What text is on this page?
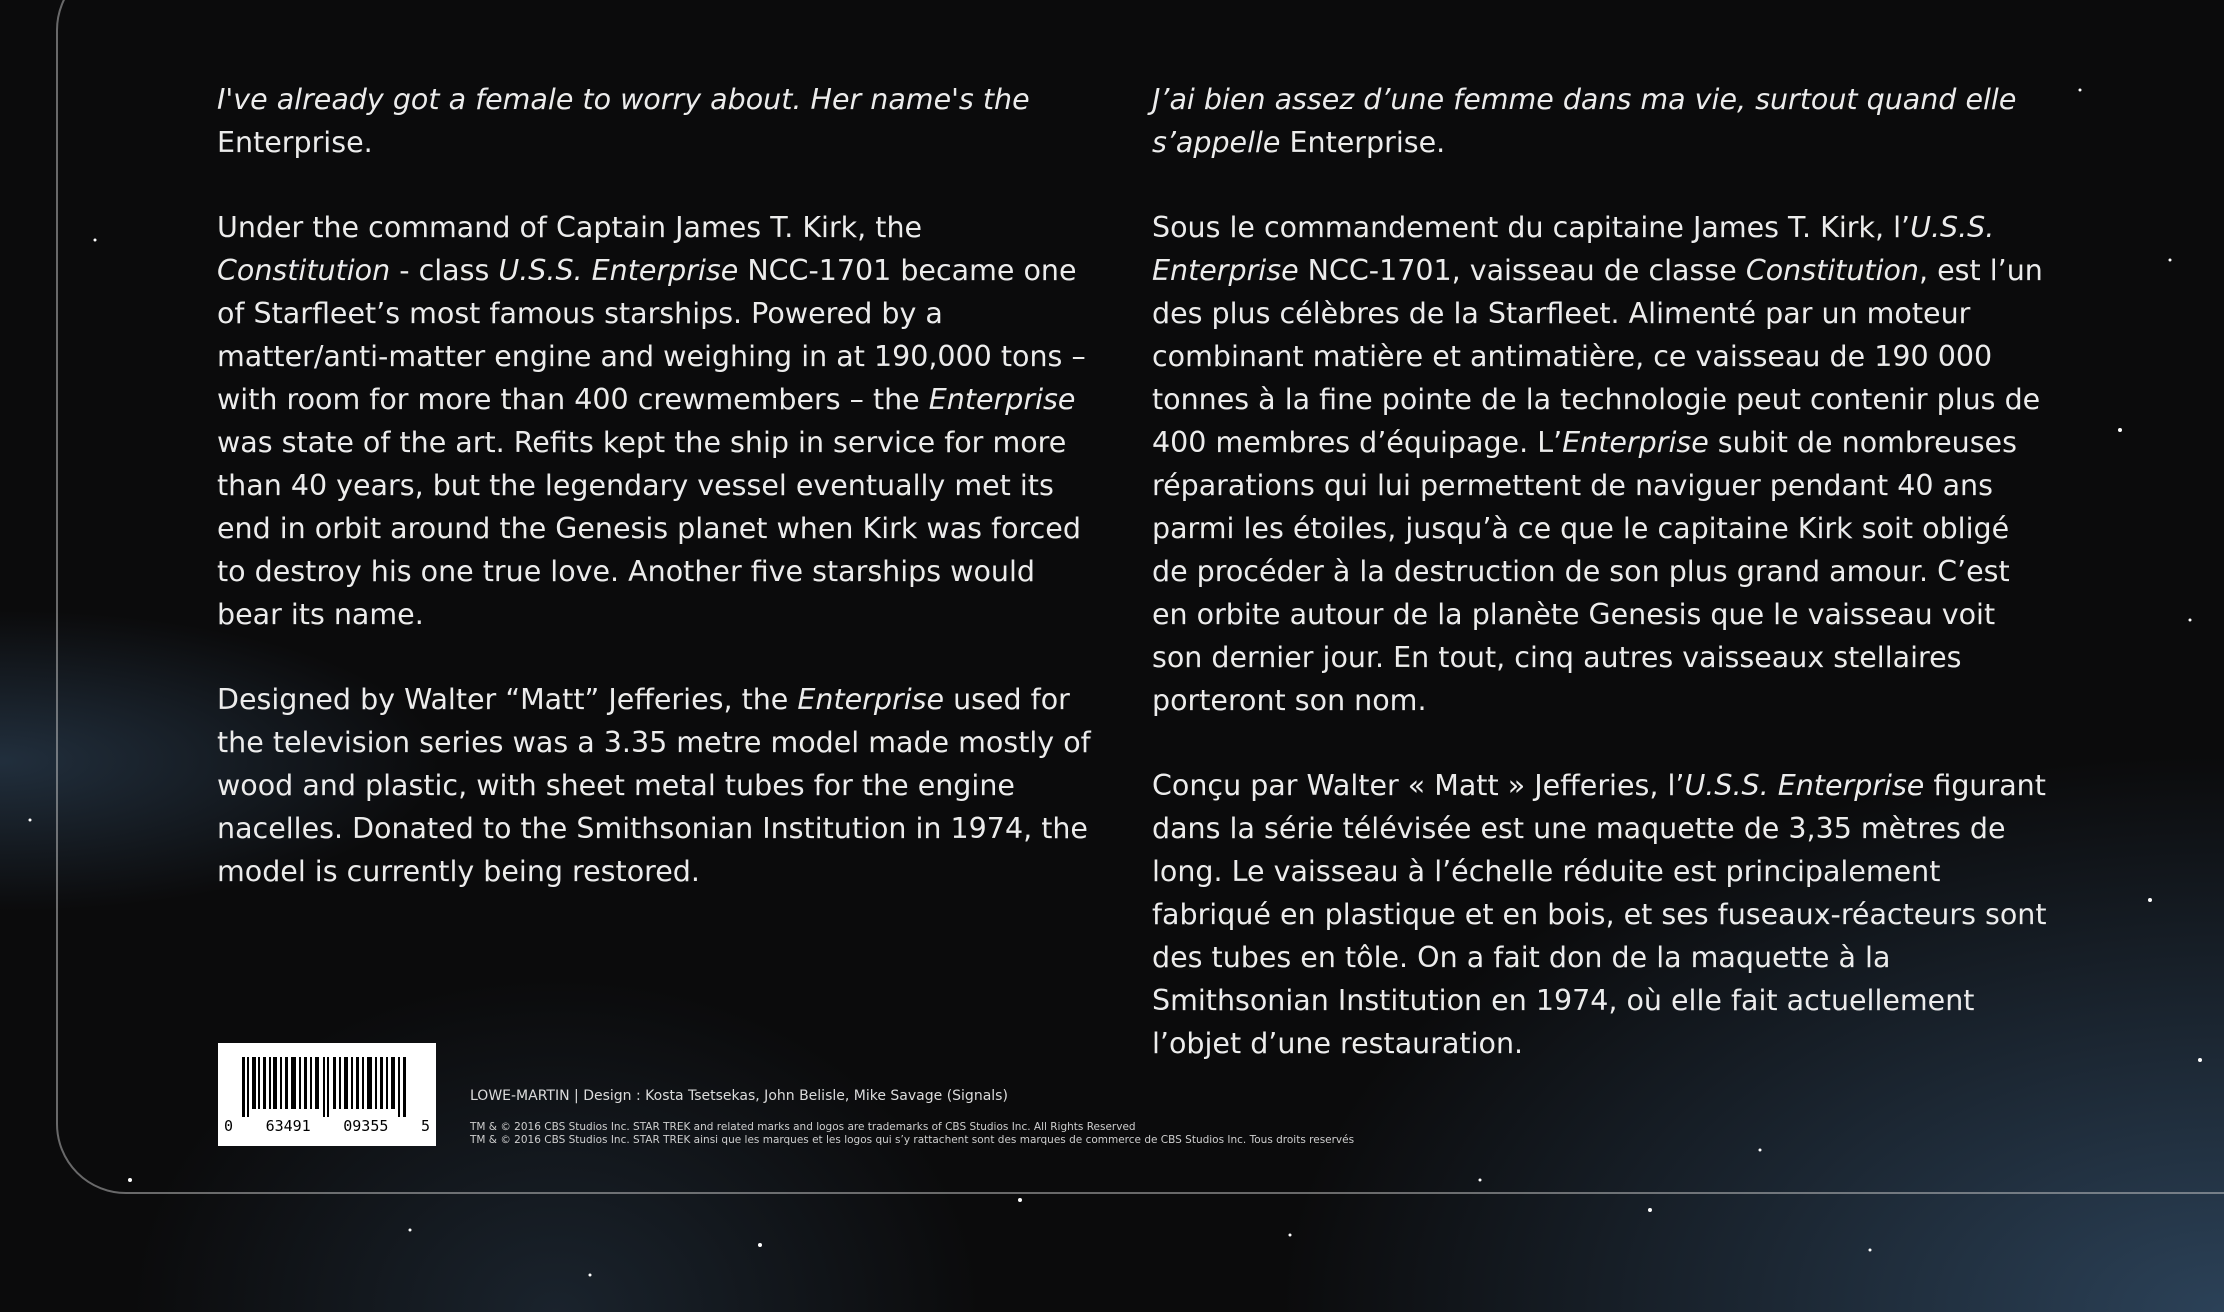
I've already got a female to worry about. Her name's the
Enterprise.

Under the command of Captain James T. Kirk, the Constitution - class U.S.S. Enterprise NCC-1701 became one of Starfleet’s most famous starships. Powered by a matter/anti-matter engine and weighing in at 190,000 tons – with room for more than 400 crewmembers – the Enterprise was state of the art. Refits kept the ship in service for more than 40 years, but the legendary vessel eventually met its end in orbit around the Genesis planet when Kirk was forced to destroy his one true love. Another five starships would bear its name.

Designed by Walter “Matt” Jefferies, the Enterprise used for the television series was a 3.35 metre model made mostly of wood and plastic, with sheet metal tubes for the engine nacelles. Donated to the Smithsonian Institution in 1974, the model is currently being restored.

J’ai bien assez d’une femme dans ma vie, surtout quand elle s’appelle Enterprise.

Sous le commandement du capitaine James T. Kirk, l’U.S.S. Enterprise NCC-1701, vaisseau de classe Constitution, est l’un des plus célèbres de la Starfleet. Alimenté par un moteur combinant matière et antimatière, ce vaisseau de 190 000 tonnes à la fine pointe de la technologie peut contenir plus de 400 membres d’équipage. L’Enterprise subit de nombreuses réparations qui lui permettent de naviguer pendant 40 ans parmi les étoiles, jusqu’à ce que le capitaine Kirk soit obligé de procéder à la destruction de son plus grand amour. C’est en orbite autour de la planète Genesis que le vaisseau voit son dernier jour. En tout, cinq autres vaisseaux stellaires porteront son nom.

Conçu par Walter « Matt » Jefferies, l’U.S.S. Enterprise figurant dans la série télévisée est une maquette de 3,35 mètres de long. Le vaisseau à l’échelle réduite est principalement fabriqué en plastique et en bois, et ses fuseaux-réacteurs sont des tubes en tôle. On a fait don de la maquette à la Smithsonian Institution en 1974, où elle fait actuellement l’objet d’une restauration.

0 63491 09355 5
LOWE-MARTIN | Design : Kosta Tsetsekas, John Belisle, Mike Savage (Signals)
TM & © 2016 CBS Studios Inc. STAR TREK and related marks and logos are trademarks of CBS Studios Inc. All Rights Reserved
TM & © 2016 CBS Studios Inc. STAR TREK ainsi que les marques et les logos qui s’y rattachent sont des marques de commerce de CBS Studios Inc. Tous droits reservés
